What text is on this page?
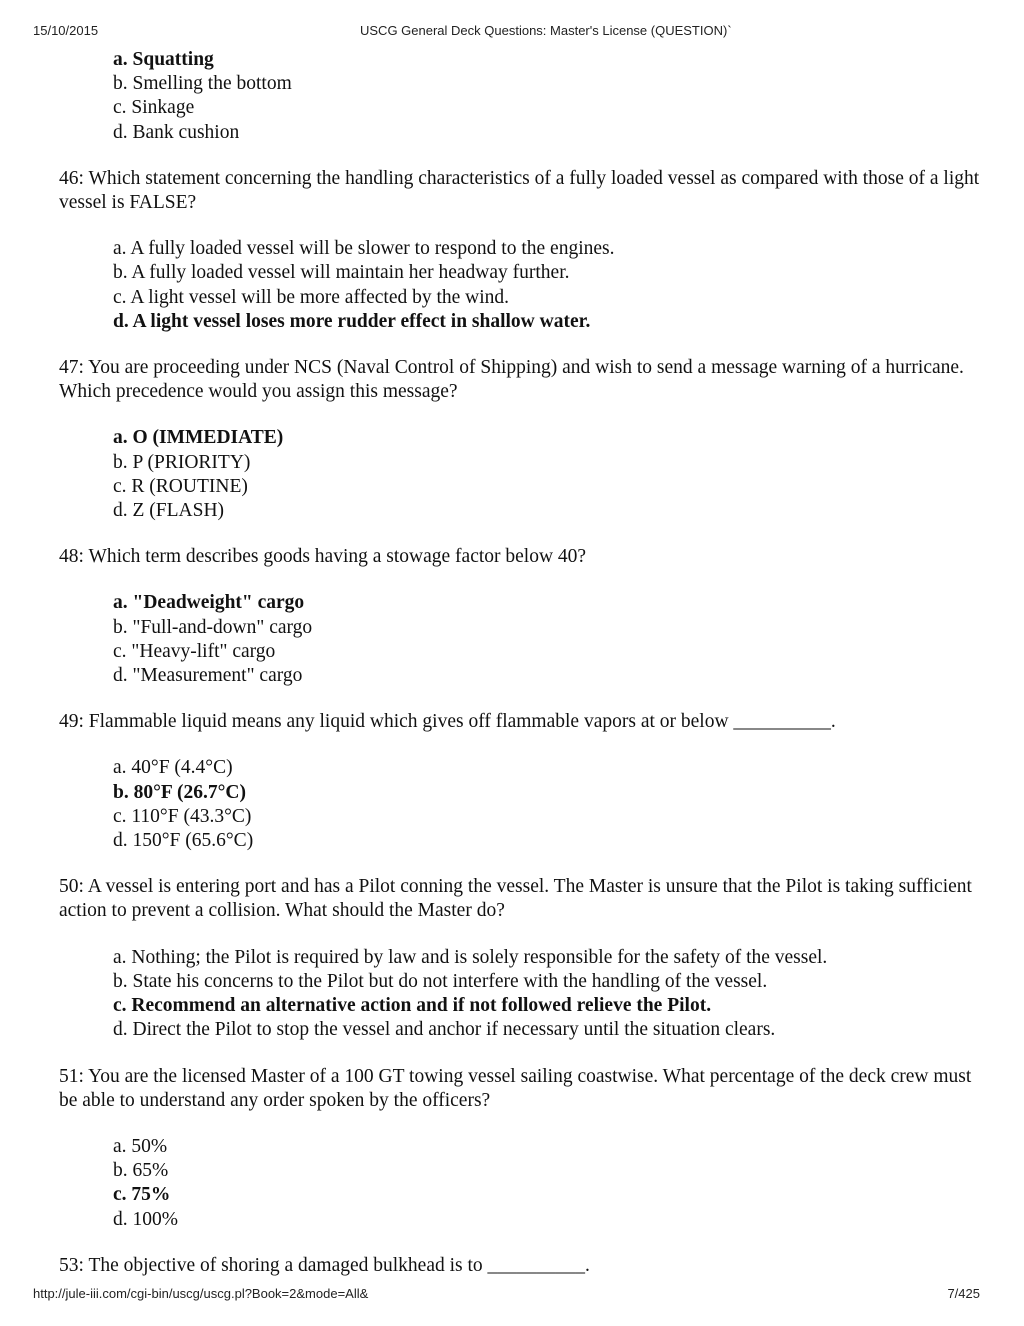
15/10/2015	USCG General Deck Questions: Master's License (QUESTION)`
a. Squatting
b. Smelling the bottom
c. Sinkage
d. Bank cushion
46: Which statement concerning the handling characteristics of a fully loaded vessel as compared with those of a light vessel is FALSE?
a. A fully loaded vessel will be slower to respond to the engines.
b. A fully loaded vessel will maintain her headway further.
c. A light vessel will be more affected by the wind.
d. A light vessel loses more rudder effect in shallow water.
47: You are proceeding under NCS (Naval Control of Shipping) and wish to send a message warning of a hurricane. Which precedence would you assign this message?
a. O (IMMEDIATE)
b. P (PRIORITY)
c. R (ROUTINE)
d. Z (FLASH)
48: Which term describes goods having a stowage factor below 40?
a. "Deadweight" cargo
b. "Full-and-down" cargo
c. "Heavy-lift" cargo
d. "Measurement" cargo
49: Flammable liquid means any liquid which gives off flammable vapors at or below __________.
a. 40°F (4.4°C)
b. 80°F (26.7°C)
c. 110°F (43.3°C)
d. 150°F (65.6°C)
50: A vessel is entering port and has a Pilot conning the vessel. The Master is unsure that the Pilot is taking sufficient action to prevent a collision. What should the Master do?
a. Nothing; the Pilot is required by law and is solely responsible for the safety of the vessel.
b. State his concerns to the Pilot but do not interfere with the handling of the vessel.
c. Recommend an alternative action and if not followed relieve the Pilot.
d. Direct the Pilot to stop the vessel and anchor if necessary until the situation clears.
51: You are the licensed Master of a 100 GT towing vessel sailing coastwise. What percentage of the deck crew must be able to understand any order spoken by the officers?
a. 50%
b. 65%
c. 75%
d. 100%
53: The objective of shoring a damaged bulkhead is to __________.
http://jule-iii.com/cgi-bin/uscg/uscg.pl?Book=2&mode=All&	7/425
